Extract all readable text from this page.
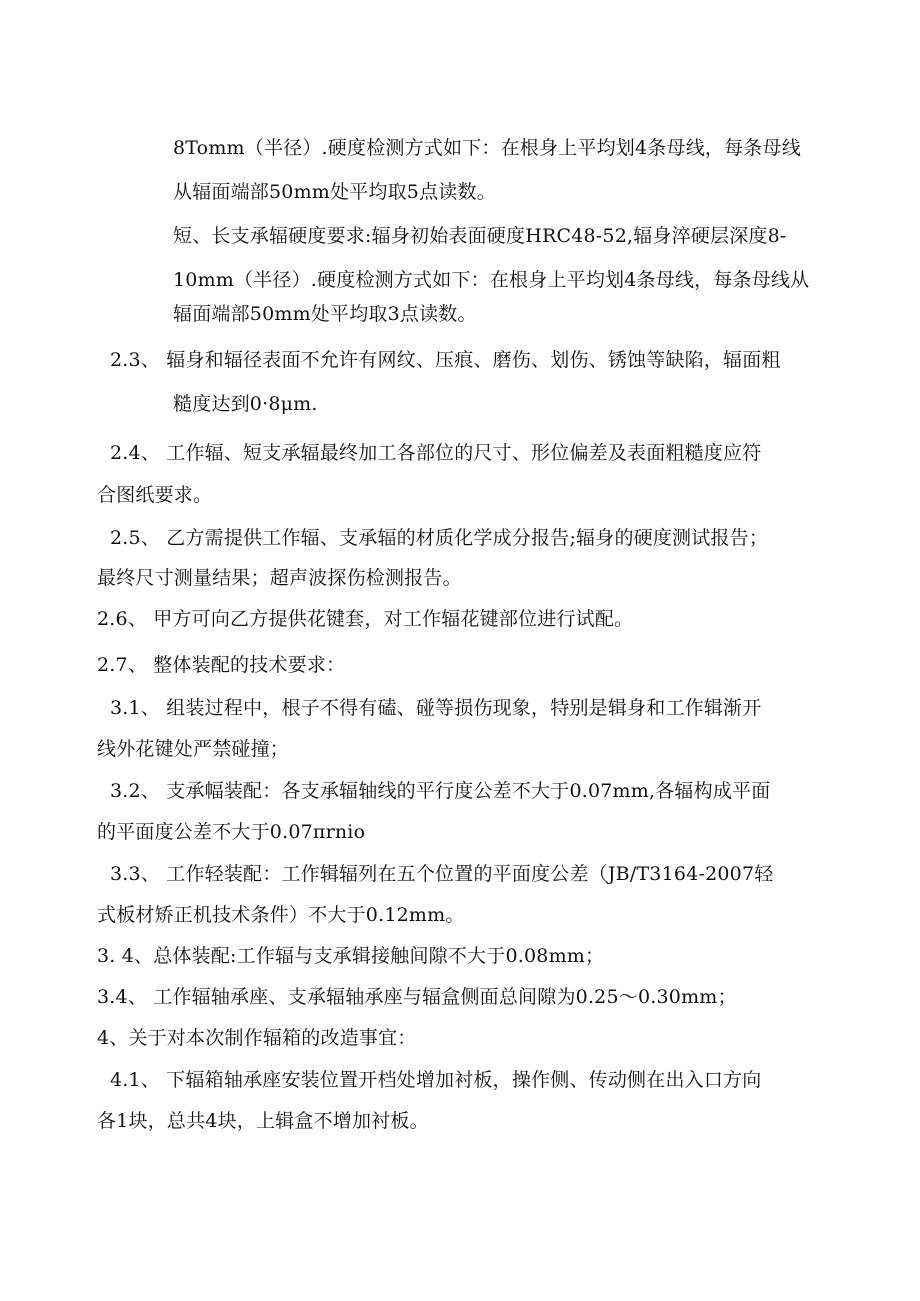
8Tomm（半径）.硬度检测方式如下：在根身上平均划4条母线，每条母线
从辐面端部50mm处平均取5点读数。
短、长支承辐硬度要求:辐身初始表面硬度HRC48-52,辐身淬硬层深度8-
10mm（半径）.硬度检测方式如下：在根身上平均划4条母线，每条母线从
辐面端部50mm处平均取3点读数。
2.3、 辐身和辐径表面不允许有网纹、压痕、磨伤、划伤、锈蚀等缺陷，辐面粗
糙度达到0·8μm.
2.4、 工作辐、短支承辐最终加工各部位的尺寸、形位偏差及表面粗糙度应符
合图纸要求。
2.5、 乙方需提供工作辐、支承辐的材质化学成分报告;辐身的硬度测试报告；
最终尺寸测量结果；超声波探伤检测报告。
2.6、 甲方可向乙方提供花键套，对工作辐花键部位进行试配。
2.7、 整体装配的技术要求：
3.1、 组装过程中，根子不得有磕、碰等损伤现象，特别是辑身和工作辑渐开
线外花键处严禁碰撞；
3.2、 支承幅装配：各支承辐轴线的平行度公差不大于0.07mm,各辐构成平面
的平面度公差不大于0.07πrnio
3.3、 工作轻装配：工作辑辐列在五个位置的平面度公差（JB/T3164-2007轻
式板材矫正机技术条件）不大于0.12mm。
3. 4、总体装配:工作辐与支承辑接触间隙不大于0.08mm；
3.4、 工作辐轴承座、支承辐轴承座与辐盒侧面总间隙为0.25～0.30mm；
4、关于对本次制作辐箱的改造事宜：
4.1、 下辐箱轴承座安装位置开档处增加衬板，操作侧、传动侧在出入口方向
各1块，总共4块，上辑盒不增加衬板。
